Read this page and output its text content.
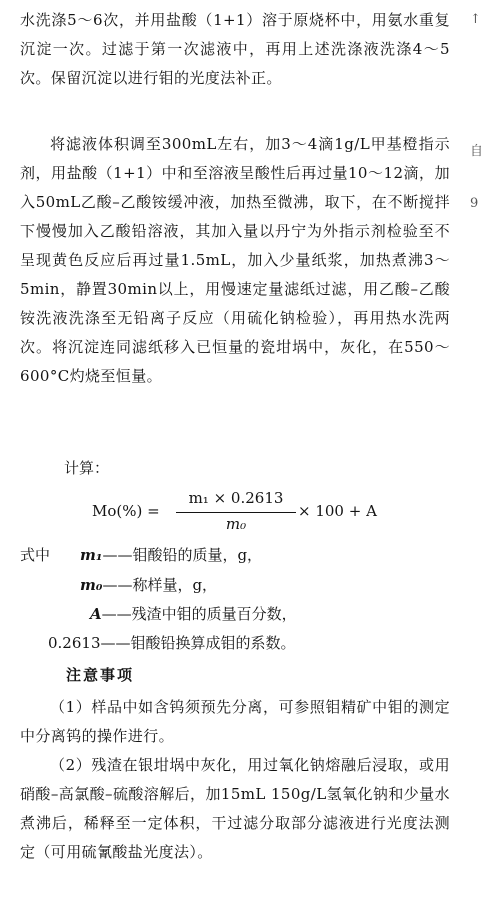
水洗涤5～6次，并用盐酸（1+1）溶于原烧杯中，用氨水重复沉淀一次。过滤于第一次滤液中，再用上述洗涤液洗涤4～5次。保留沉淀以进行钼的光度法补正。

将滤液体积调至300mL左右，加3～4滴1g/L甲基橙指示剂，用盐酸（1+1）中和至溶液呈酸性后再过量10～12滴，加入50mL乙酸–乙酸铵缓冲液，加热至微沸，取下，在不断搅拌下慢慢加入乙酸铅溶液，其加入量以丹宁为外指示剂检验至不呈现黄色反应后再过量1.5mL，加入少量纸浆，加热煮沸3～5min，静置30min以上，用慢速定量滤纸过滤，用乙酸–乙酸铵洗液洗涤至无铅离子反应（用硫化钠检验），再用热水洗两次。将沉淀连同滤纸移入已恒量的瓷坩埚中，灰化，在550～600°C灼烧至恒量。

计算：
Mo(%) =
m₁ × 0.2613
m₀
× 100 + A
式中 m₁——钼酸铅的质量，g，
m₀——称样量，g，
A——残渣中钼的质量百分数，
0.2613——钼酸铅换算成钼的系数。
注意事项

（1）样品中如含钨须预先分离，可参照钼精矿中钼的测定中分离钨的操作进行。

（2）残渣在银坩埚中灰化，用过氧化钠熔融后浸取，或用硝酸–高氯酸–硫酸溶解后，加15mL 150g/L氢氧化钠和少量水煮沸后，稀释至一定体积，干过滤分取部分滤液进行光度法测定（可用硫氰酸盐光度法）。

↑
自
9
